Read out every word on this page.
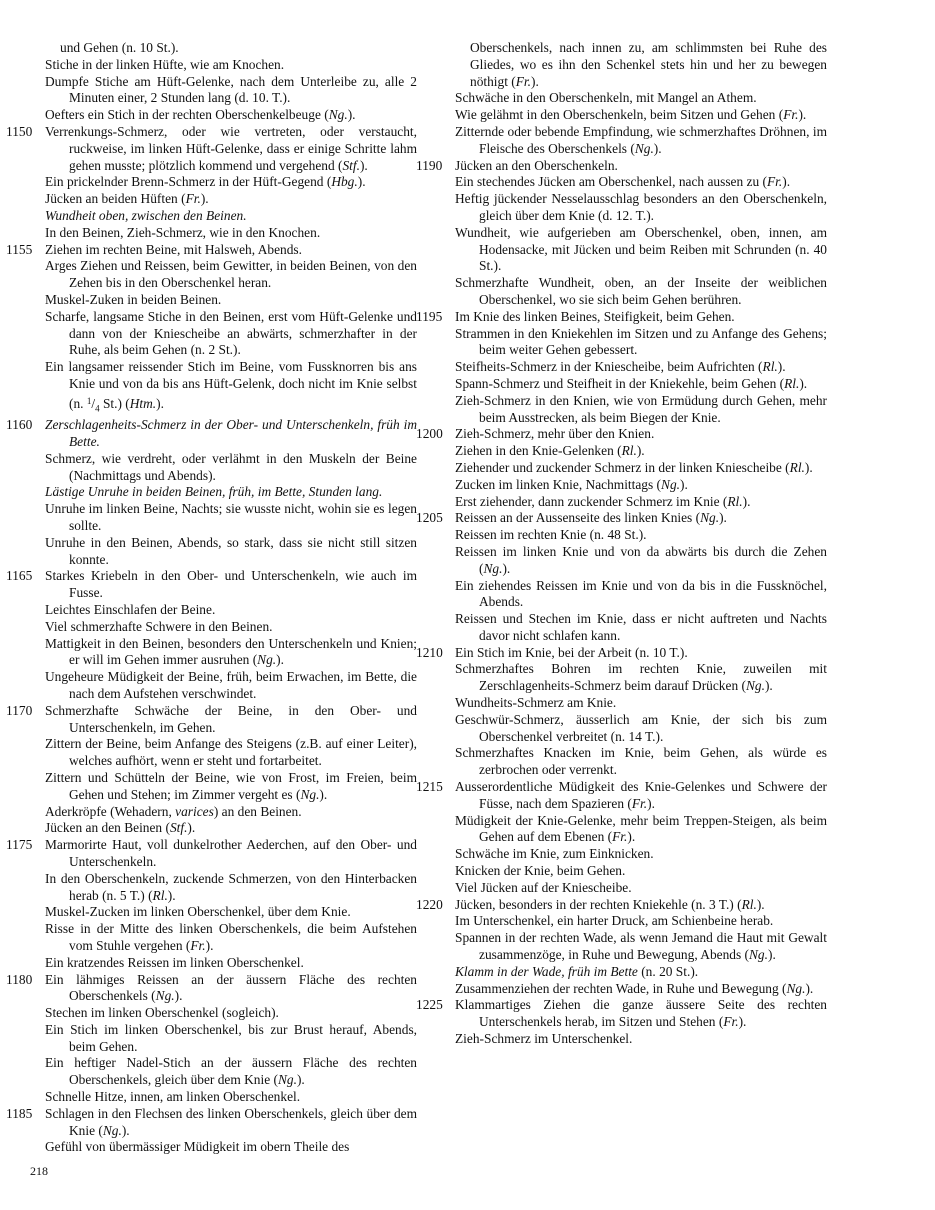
und Gehen (n. 10 St.).
Stiche in der linken Hüfte, wie am Knochen.
Dumpfe Stiche am Hüft-Gelenke, nach dem Unterleibe zu, alle 2 Minuten einer, 2 Stunden lang (d. 10. T.).
Oefters ein Stich in der rechten Oberschenkelbeuge (Ng.).
1150 Verrenkungs-Schmerz, oder wie vertreten, oder verstaucht, ruckweise, im linken Hüft-Gelenke, dass er einige Schritte lahm gehen musste; plötzlich kommend und vergehend (Stf.).
Ein prickelnder Brenn-Schmerz in der Hüft-Gegend (Hbg.).
Jücken an beiden Hüften (Fr.).
Wundheit oben, zwischen den Beinen.
In den Beinen, Zieh-Schmerz, wie in den Knochen.
1155 Ziehen im rechten Beine, mit Halsweh, Abends.
Arges Ziehen und Reissen, beim Gewitter, in beiden Beinen, von den Zehen bis in den Oberschenkel heran.
Muskel-Zuken in beiden Beinen.
Scharfe, langsame Stiche in den Beinen, erst vom Hüft-Gelenke und dann von der Kniescheibe an abwärts, schmerzhafter in der Ruhe, als beim Gehen (n. 2 St.).
Ein langsamer reissender Stich im Beine, vom Fussknorren bis ans Knie und von da bis ans Hüft-Gelenk, doch nicht im Knie selbst (n. $^1/_4$ St.) (Htm.).
1160 Zerschlagenheits-Schmerz in der Ober- und Unterschenkeln, früh im Bette.
Schmerz, wie verdreht, oder verlähmt in den Muskeln der Beine (Nachmittags und Abends).
Lästige Unruhe in beiden Beinen, früh, im Bette, Stunden lang.
Unruhe im linken Beine, Nachts; sie wusste nicht, wohin sie es legen sollte.
Unruhe in den Beinen, Abends, so stark, dass sie nicht still sitzen konnte.
1165 Starkes Kriebeln in den Ober- und Unterschenkeln, wie auch im Fusse.
Leichtes Einschlafen der Beine.
Viel schmerzhafte Schwere in den Beinen.
Mattigkeit in den Beinen, besonders den Unterschenkeln und Knien; er will im Gehen immer ausruhen (Ng.).
Ungeheure Müdigkeit der Beine, früh, beim Erwachen, im Bette, die nach dem Aufstehen verschwindet.
1170 Schmerzhafte Schwäche der Beine, in den Ober- und Unterschenkeln, im Gehen.
Zittern der Beine, beim Anfange des Steigens (z.B. auf einer Leiter), welches aufhört, wenn er steht und fortarbeitet.
Zittern und Schütteln der Beine, wie von Frost, im Freien, beim Gehen und Stehen; im Zimmer vergeht es (Ng.).
Aderkröpfe (Wehadern, varices) an den Beinen.
Jücken an den Beinen (Stf.).
1175 Marmorirte Haut, voll dunkelrother Aederchen, auf den Ober- und Unterschenkeln.
In den Oberschenkeln, zuckende Schmerzen, von den Hinterbacken herab (n. 5 T.) (Rl.).
Muskel-Zucken im linken Oberschenkel, über dem Knie.
Risse in der Mitte des linken Oberschenkels, die beim Aufstehen vom Stuhle vergehen (Fr.).
Ein kratzendes Reissen im linken Oberschenkel.
1180 Ein lähmiges Reissen an der äussern Fläche des rechten Oberschenkels (Ng.).
Stechen im linken Oberschenkel (sogleich).
Ein Stich im linken Oberschenkel, bis zur Brust herauf, Abends, beim Gehen.
Ein heftiger Nadel-Stich an der äussern Fläche des rechten Oberschenkels, gleich über dem Knie (Ng.).
Schnelle Hitze, innen, am linken Oberschenkel.
1185 Schlagen in den Flechsen des linken Oberschenkels, gleich über dem Knie (Ng.).
Gefühl von übermässiger Müdigkeit im obern Theile des
Oberschenkels, nach innen zu, am schlimmsten bei Ruhe des Gliedes, wo es ihn den Schenkel stets hin und her zu bewegen nöthigt (Fr.).
Schwäche in den Oberschenkeln, mit Mangel an Athem.
Wie gelähmt in den Oberschenkeln, beim Sitzen und Gehen (Fr.).
Zitternde oder bebende Empfindung, wie schmerzhaftes Dröhnen, im Fleische des Oberschenkels (Ng.).
1190 Jücken an den Oberschenkeln.
Ein stechendes Jücken am Oberschenkel, nach aussen zu (Fr.).
Heftig jückender Nesselausschlag besonders an den Oberschenkeln, gleich über dem Knie (d. 12. T.).
Wundheit, wie aufgerieben am Oberschenkel, oben, innen, am Hodensacke, mit Jücken und beim Reiben mit Schrunden (n. 40 St.).
Schmerzhafte Wundheit, oben, an der Inseite der weiblichen Oberschenkel, wo sie sich beim Gehen berühren.
1195 Im Knie des linken Beines, Steifigkeit, beim Gehen.
Strammen in den Kniekehlen im Sitzen und zu Anfange des Gehens; beim weiter Gehen gebessert.
Steifheits-Schmerz in der Kniescheibe, beim Aufrichten (Rl.).
Spann-Schmerz und Steifheit in der Kniekehle, beim Gehen (Rl.).
Zieh-Schmerz in den Knien, wie von Ermüdung durch Gehen, mehr beim Ausstrecken, als beim Biegen der Knie.
1200 Zieh-Schmerz, mehr über den Knien.
Ziehen in den Knie-Gelenken (Rl.).
Ziehender und zuckender Schmerz in der linken Kniescheibe (Rl.).
Zucken im linken Knie, Nachmittags (Ng.).
Erst ziehender, dann zuckender Schmerz im Knie (Rl.).
1205 Reissen an der Aussenseite des linken Knies (Ng.).
Reissen im rechten Knie (n. 48 St.).
Reissen im linken Knie und von da abwärts bis durch die Zehen (Ng.).
Ein ziehendes Reissen im Knie und von da bis in die Fussknöchel, Abends.
Reissen und Stechen im Knie, dass er nicht auftreten und Nachts davor nicht schlafen kann.
1210 Ein Stich im Knie, bei der Arbeit (n. 10 T.).
Schmerzhaftes Bohren im rechten Knie, zuweilen mit Zerschlagenheits-Schmerz beim darauf Drücken (Ng.).
Wundheits-Schmerz am Knie.
Geschwür-Schmerz, äusserlich am Knie, der sich bis zum Oberschenkel verbreitet (n. 14 T.).
Schmerzhaftes Knacken im Knie, beim Gehen, als würde es zerbrochen oder verrenkt.
1215 Ausserordentliche Müdigkeit des Knie-Gelenkes und Schwere der Füsse, nach dem Spazieren (Fr.).
Müdigkeit der Knie-Gelenke, mehr beim Treppen-Steigen, als beim Gehen auf dem Ebenen (Fr.).
Schwäche im Knie, zum Einknicken.
Knicken der Knie, beim Gehen.
Viel Jücken auf der Kniescheibe.
1220 Jücken, besonders in der rechten Kniekehle (n. 3 T.) (Rl.).
Im Unterschenkel, ein harter Druck, am Schienbeine herab.
Spannen in der rechten Wade, als wenn Jemand die Haut mit Gewalt zusammenzöge, in Ruhe und Bewegung, Abends (Ng.).
Klamm in der Wade, früh im Bette (n. 20 St.).
Zusammenziehen der rechten Wade, in Ruhe und Bewegung (Ng.).
1225 Klammartiges Ziehen die ganze äussere Seite des rechten Unterschenkels herab, im Sitzen und Stehen (Fr.).
Zieh-Schmerz im Unterschenkel.
218
